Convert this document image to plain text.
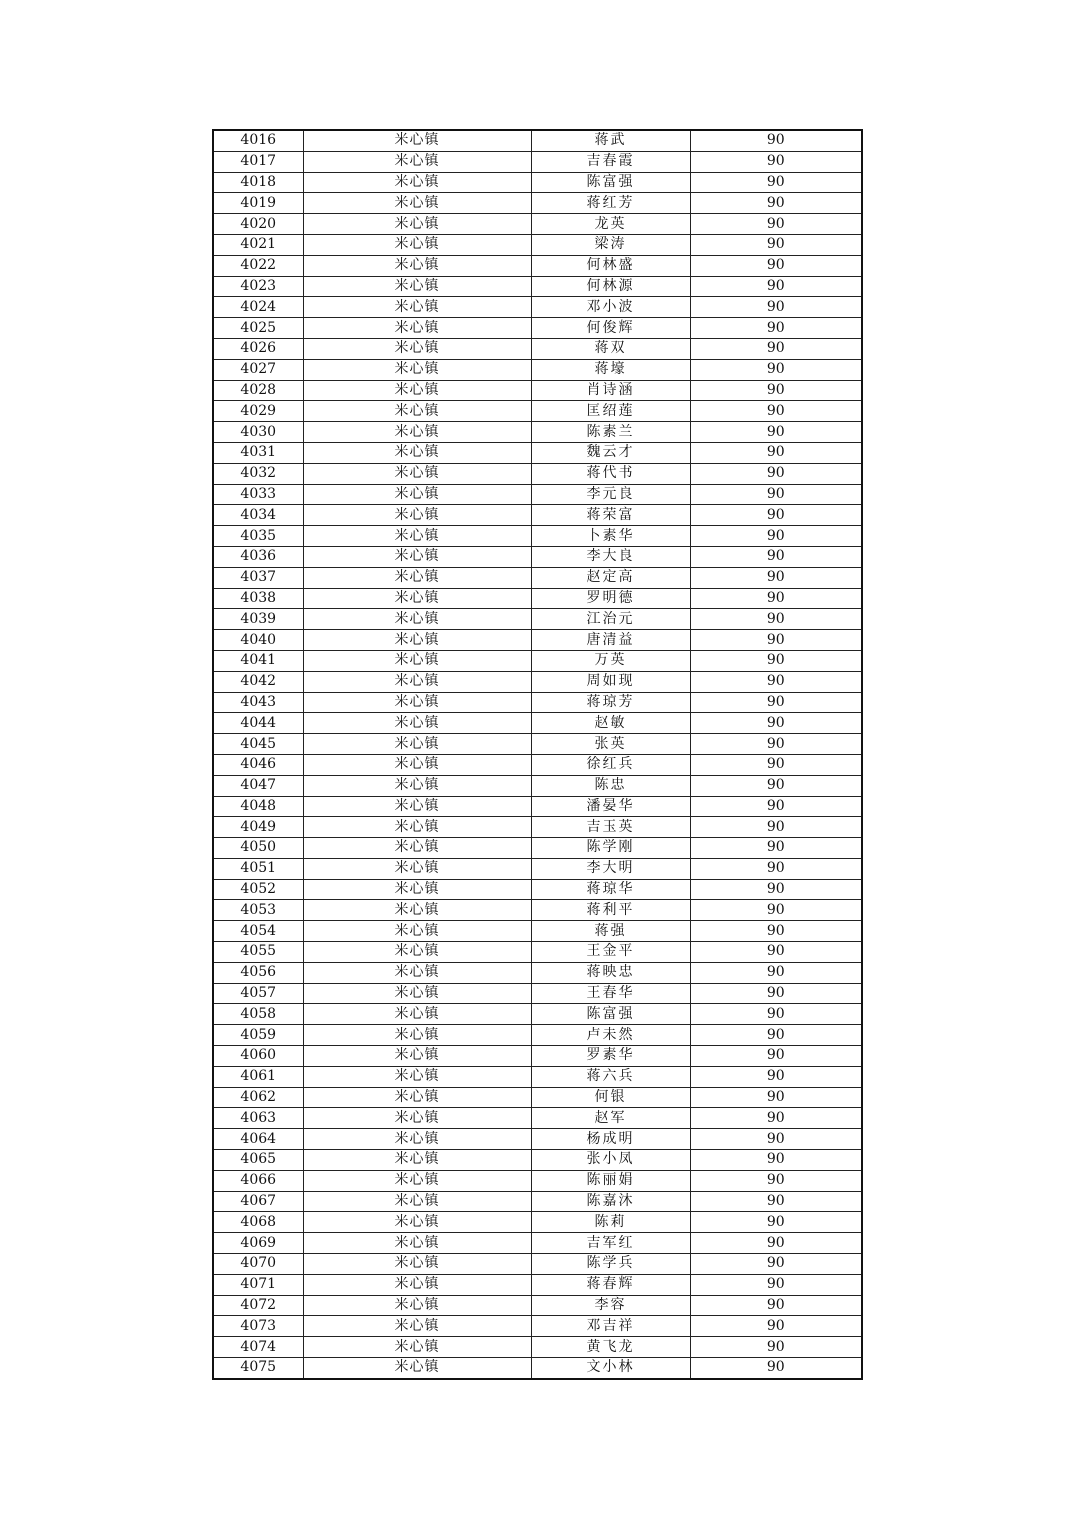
4016	米心镇	蒋武	90
4017	米心镇	吉春霞	90
4018	米心镇	陈富强	90
4019	米心镇	蒋红芳	90
4020	米心镇	龙英	90
4021	米心镇	梁涛	90
4022	米心镇	何林盛	90
4023	米心镇	何林源	90
4024	米心镇	邓小波	90
4025	米心镇	何俊辉	90
4026	米心镇	蒋双	90
4027	米心镇	蒋壕	90
4028	米心镇	肖诗涵	90
4029	米心镇	匡绍莲	90
4030	米心镇	陈素兰	90
4031	米心镇	魏云才	90
4032	米心镇	蒋代书	90
4033	米心镇	李元良	90
4034	米心镇	蒋荣富	90
4035	米心镇	卜素华	90
4036	米心镇	李大良	90
4037	米心镇	赵定高	90
4038	米心镇	罗明德	90
4039	米心镇	江治元	90
4040	米心镇	唐清益	90
4041	米心镇	万英	90
4042	米心镇	周如现	90
4043	米心镇	蒋琼芳	90
4044	米心镇	赵敏	90
4045	米心镇	张英	90
4046	米心镇	徐红兵	90
4047	米心镇	陈忠	90
4048	米心镇	潘晏华	90
4049	米心镇	吉玉英	90
4050	米心镇	陈学刚	90
4051	米心镇	李大明	90
4052	米心镇	蒋琼华	90
4053	米心镇	蒋利平	90
4054	米心镇	蒋强	90
4055	米心镇	王金平	90
4056	米心镇	蒋映忠	90
4057	米心镇	王春华	90
4058	米心镇	陈富强	90
4059	米心镇	卢未然	90
4060	米心镇	罗素华	90
4061	米心镇	蒋六兵	90
4062	米心镇	何银	90
4063	米心镇	赵军	90
4064	米心镇	杨成明	90
4065	米心镇	张小凤	90
4066	米心镇	陈丽娟	90
4067	米心镇	陈嘉沐	90
4068	米心镇	陈莉	90
4069	米心镇	吉军红	90
4070	米心镇	陈学兵	90
4071	米心镇	蒋春辉	90
4072	米心镇	李容	90
4073	米心镇	邓吉祥	90
4074	米心镇	黄飞龙	90
4075	米心镇	文小林	90
